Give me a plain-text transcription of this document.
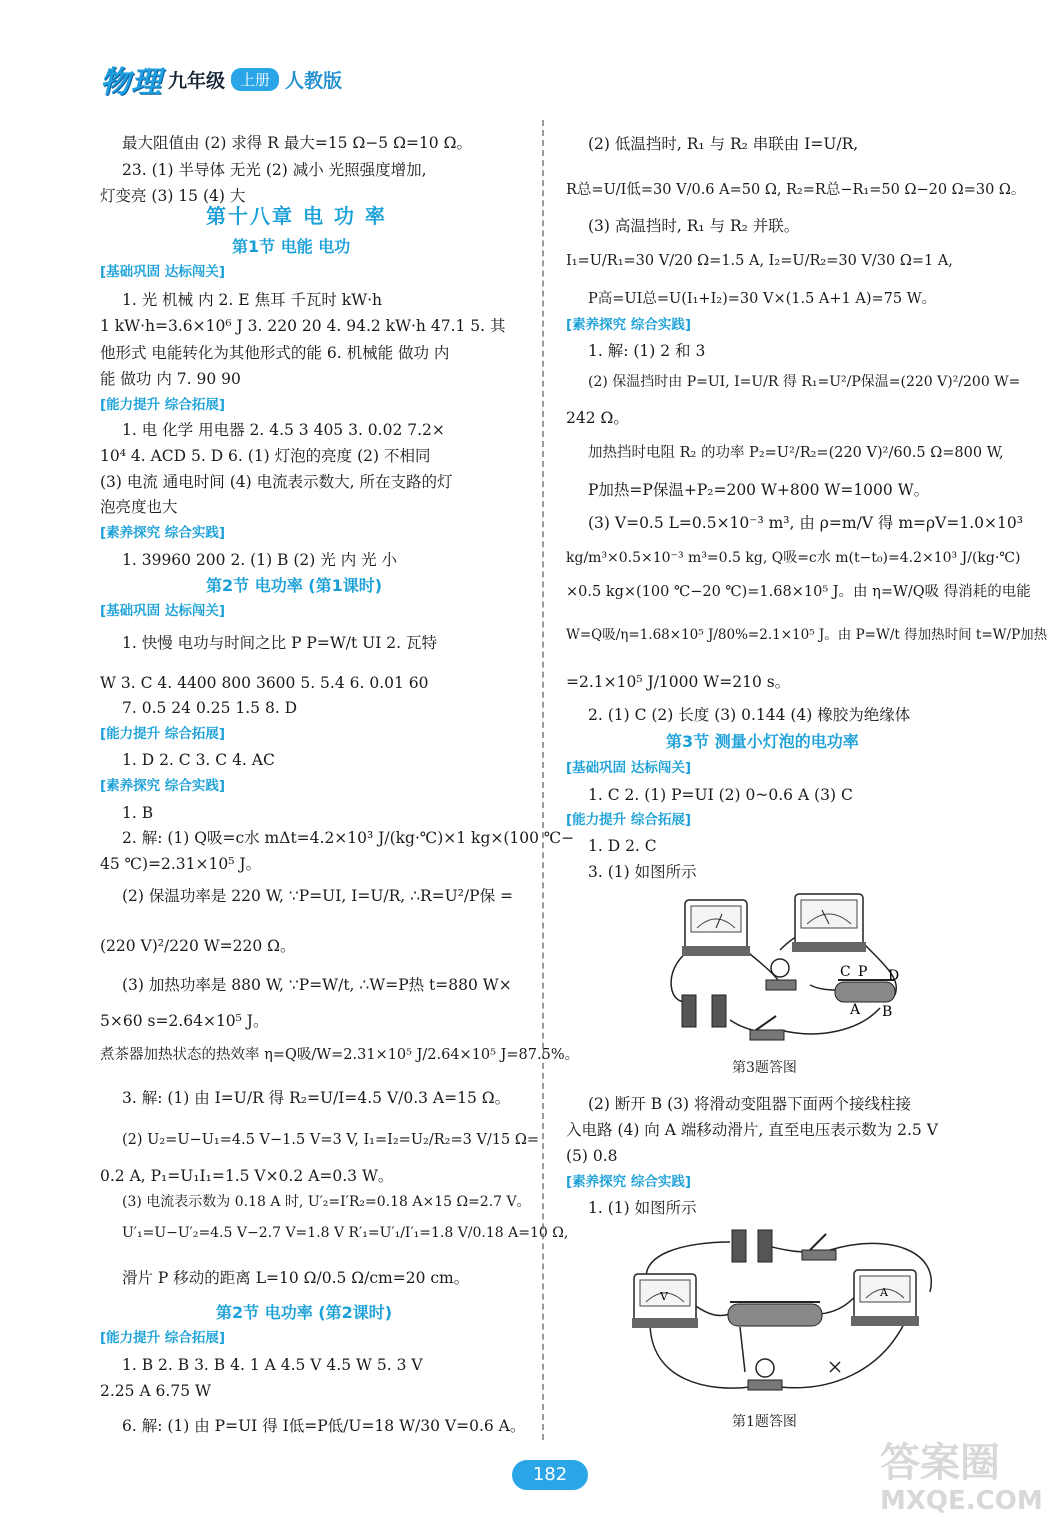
物理 九年级	上册 人教版
最大阻值由 (2) 求得 R 最大=15 Ω−5 Ω=10 Ω。
23. (1) 半导体 无光 (2) 减小 光照强度增加,
灯变亮 (3) 15 (4) 大
第十八章 电 功 率
第1节 电能 电功
[基础巩固 达标闯关]
1. 光 机械 内 2. E 焦耳 千瓦时 kW·h
1 kW·h=3.6×10⁶ J 3. 220 20 4. 94.2 kW·h 47.1 5. 其
他形式 电能转化为其他形式的能 6. 机械能 做功 内
能 做功 内 7. 90 90
[能力提升 综合拓展]
1. 电 化学 用电器 2. 4.5 3 405 3. 0.02 7.2×
10⁴ 4. ACD 5. D 6. (1) 灯泡的亮度 (2) 不相同
(3) 电流 通电时间 (4) 电流表示数大, 所在支路的灯
泡亮度也大
[素养探究 综合实践]
1. 39960 200 2. (1) B (2) 光 内 光 小
第2节 电功率 (第1课时)
[基础巩固 达标闯关]
1. 快慢 电功与时间之比 P P=W/t UI 2. 瓦特
W 3. C 4. 4400 800 3600 5. 5.4 6. 0.01 60
7. 0.5 24 0.25 1.5 8. D
[能力提升 综合拓展]
1. D 2. C 3. C 4. AC
[素养探究 综合实践]
1. B
2. 解: (1) Q吸=c水 mΔt=4.2×10³ J/(kg·℃)×1 kg×(100 ℃−
45 ℃)=2.31×10⁵ J。
(2) 保温功率是 220 W, ∵P=UI, I=U/R, ∴R=U²/P保 =
(220 V)²/220 W=220 Ω。
(3) 加热功率是 880 W, ∵P=W/t, ∴W=P热 t=880 W×
5×60 s=2.64×10⁵ J。
煮茶器加热状态的热效率 η=Q吸/W=2.31×10⁵ J/2.64×10⁵ J=87.5%。
3. 解: (1) 由 I=U/R 得 R₂=U/I=4.5 V/0.3 A=15 Ω。
(2) U₂=U−U₁=4.5 V−1.5 V=3 V, I₁=I₂=U₂/R₂=3 V/15 Ω=
0.2 A, P₁=U₁I₁=1.5 V×0.2 A=0.3 W。
(3) 电流表示数为 0.18 A 时, U′₂=I′R₂=0.18 A×15 Ω=2.7 V。
U′₁=U−U′₂=4.5 V−2.7 V=1.8 V R′₁=U′₁/I′₁=1.8 V/0.18 A=10 Ω,
滑片 P 移动的距离 L=10 Ω/0.5 Ω/cm=20 cm。
第2节 电功率 (第2课时)
[能力提升 综合拓展]
1. B 2. B 3. B 4. 1 A 4.5 V 4.5 W 5. 3 V
2.25 A 6.75 W
6. 解: (1) 由 P=UI 得 I低=P低/U=18 W/30 V=0.6 A。
(2) 低温挡时, R₁ 与 R₂ 串联由 I=U/R,
R总=U/I低=30 V/0.6 A=50 Ω, R₂=R总−R₁=50 Ω−20 Ω=30 Ω。
(3) 高温挡时, R₁ 与 R₂ 并联。
I₁=U/R₁=30 V/20 Ω=1.5 A, I₂=U/R₂=30 V/30 Ω=1 A,
P高=UI总=U(I₁+I₂)=30 V×(1.5 A+1 A)=75 W。
[素养探究 综合实践]
1. 解: (1) 2 和 3
(2) 保温挡时由 P=UI, I=U/R 得 R₁=U²/P保温=(220 V)²/200 W=
242 Ω。
加热挡时电阻 R₂ 的功率 P₂=U²/R₂=(220 V)²/60.5 Ω=800 W,
P加热=P保温+P₂=200 W+800 W=1000 W。
(3) V=0.5 L=0.5×10⁻³ m³, 由 ρ=m/V 得 m=ρV=1.0×10³
kg/m³×0.5×10⁻³ m³=0.5 kg, Q吸=c水 m(t−t₀)=4.2×10³ J/(kg·℃)
×0.5 kg×(100 ℃−20 ℃)=1.68×10⁵ J。由 η=W/Q吸 得消耗的电能
W=Q吸/η=1.68×10⁵ J/80%=2.1×10⁵ J。由 P=W/t 得加热时间 t=W/P加热
=2.1×10⁵ J/1000 W=210 s。
2. (1) C (2) 长度 (3) 0.144 (4) 橡胶为绝缘体
第3节 测量小灯泡的电功率
[基础巩固 达标闯关]
1. C 2. (1) P=UI (2) 0~0.6 A (3) C
[能力提升 综合拓展]
1. D 2. C
3. (1) 如图所示
第3题答图
(2) 断开 B (3) 将滑动变阻器下面两个接线柱接
入电路 (4) 向 A 端移动滑片, 直至电压表示数为 2.5 V
(5) 0.8
[素养探究 综合实践]
1. (1) 如图所示
第1题答图
C P D
A B
V	A
182	答案圈
MXQE.COM
